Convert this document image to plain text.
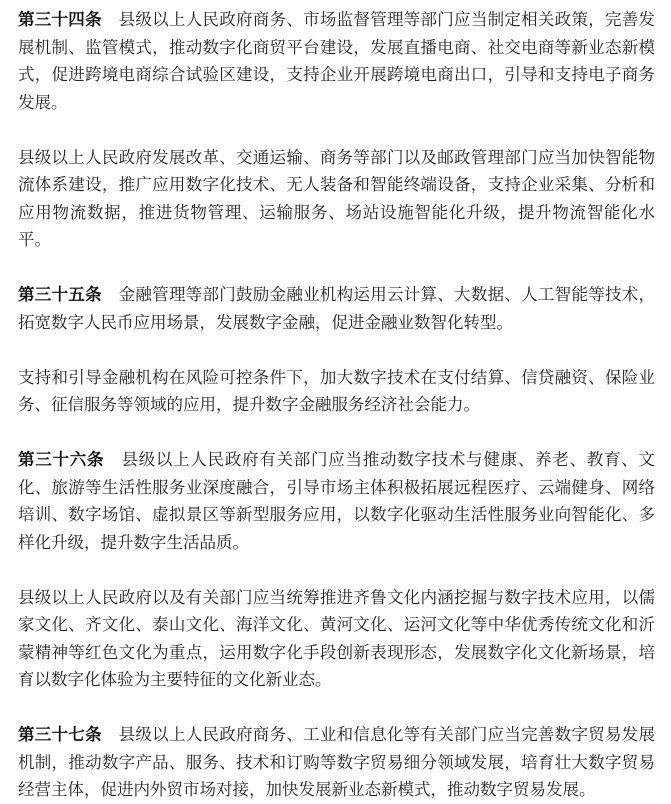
第三十四条　 县级以上人民政府商务、市场监督管理等部门应当制定相关政策，完善发展机制、监管模式，推动数字化商贸平台建设，发展直播电商、社交电商等新业态新模式，促进跨境电商综合试验区建设，支持企业开展跨境电商出口，引导和支持电子商务发展。

县级以上人民政府发展改革、交通运输、商务等部门以及邮政管理部门应当加快智能物流体系建设，推广应用数字化技术、无人装备和智能终端设备，支持企业采集、分析和应用物流数据，推进货物管理、运输服务、场站设施智能化升级，提升物流智能化水平。

第三十五条　 金融管理等部门鼓励金融业机构运用云计算、大数据、人工智能等技术，拓宽数字人民币应用场景，发展数字金融，促进金融业数智化转型。

支持和引导金融机构在风险可控条件下，加大数字技术在支付结算、信贷融资、保险业务、征信服务等领域的应用，提升数字金融服务经济社会能力。

第三十六条　 县级以上人民政府有关部门应当推动数字技术与健康、养老、教育、文化、旅游等生活性服务业深度融合，引导市场主体积极拓展远程医疗、云端健身、网络培训、数字场馆、虚拟景区等新型服务应用，以数字化驱动生活性服务业向智能化、多样化升级，提升数字生活品质。

县级以上人民政府以及有关部门应当统筹推进齐鲁文化内涵挖掘与数字技术应用，以儒家文化、齐文化、泰山文化、海洋文化、黄河文化、运河文化等中华优秀传统文化和沂蒙精神等红色文化为重点，运用数字化手段创新表现形态，发展数字化文化新场景，培育以数字化体验为主要特征的文化新业态。

第三十七条　 县级以上人民政府商务、工业和信息化等有关部门应当完善数字贸易发展机制，推动数字产品、服务、技术和订购等数字贸易细分领域发展，培育壮大数字贸易经营主体，促进内外贸市场对接，加快发展新业态新模式，推动数字贸易发展。
